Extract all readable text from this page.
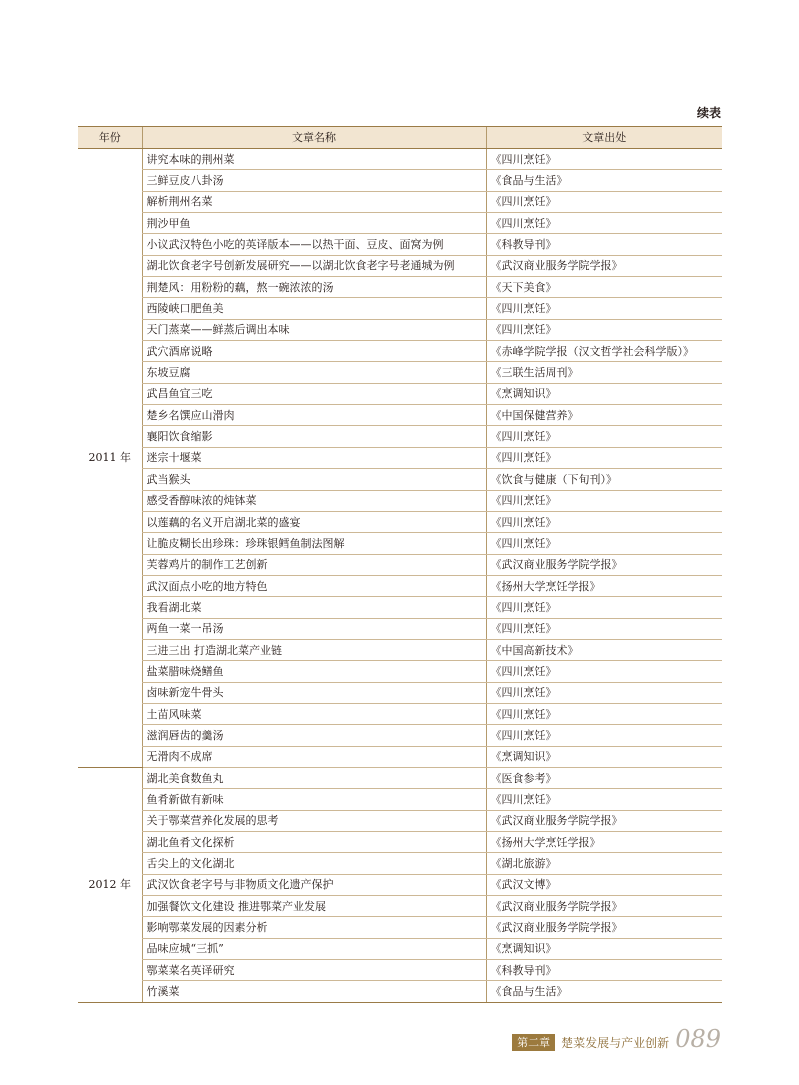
续表
年份	文章名称	文章出处
2011 年	讲究本味的荆州菜	《四川烹饪》
	三鲜豆皮八卦汤	《食品与生活》
	解析荆州名菜	《四川烹饪》
	荆沙甲鱼	《四川烹饪》
	小议武汉特色小吃的英译版本——以热干面、豆皮、面窝为例	《科教导刊》
	湖北饮食老字号创新发展研究——以湖北饮食老字号老通城为例	《武汉商业服务学院学报》
	荆楚风：用粉粉的藕，熬一碗浓浓的汤	《天下美食》
	西陵峡口肥鱼美	《四川烹饪》
	天门蒸菜——鲜蒸后调出本味	《四川烹饪》
	武穴酒席说略	《赤峰学院学报（汉文哲学社会科学版）》
	东坡豆腐	《三联生活周刊》
	武昌鱼宜三吃	《烹调知识》
	楚乡名馔应山滑肉	《中国保健营养》
	襄阳饮食缩影	《四川烹饪》
	迷宗十堰菜	《四川烹饪》
	武当猴头	《饮食与健康（下旬刊）》
	感受香醇味浓的炖钵菜	《四川烹饪》
	以莲藕的名义开启湖北菜的盛宴	《四川烹饪》
	让脆皮糊长出珍珠：珍珠银鳕鱼制法图解	《四川烹饪》
	芙蓉鸡片的制作工艺创新	《武汉商业服务学院学报》
	武汉面点小吃的地方特色	《扬州大学烹饪学报》
	我看湖北菜	《四川烹饪》
	两鱼一菜一吊汤	《四川烹饪》
	三进三出 打造湖北菜产业链	《中国高新技术》
	盐菜腊味烧鳝鱼	《四川烹饪》
	卤味新宠牛骨头	《四川烹饪》
	土苗风味菜	《四川烹饪》
	滋润唇齿的羹汤	《四川烹饪》
	无滑肉不成席	《烹调知识》
2012 年	湖北美食数鱼丸	《医食参考》
	鱼肴新做有新味	《四川烹饪》
	关于鄂菜营养化发展的思考	《武汉商业服务学院学报》
	湖北鱼肴文化探析	《扬州大学烹饪学报》
	舌尖上的文化湖北	《湖北旅游》
	武汉饮食老字号与非物质文化遗产保护	《武汉文博》
	加强餐饮文化建设 推进鄂菜产业发展	《武汉商业服务学院学报》
	影响鄂菜发展的因素分析	《武汉商业服务学院学报》
	品味应城“三抓”	《烹调知识》
	鄂菜菜名英译研究	《科教导刊》
	竹溪菜	《食品与生活》
第二章 楚菜发展与产业创新 089
